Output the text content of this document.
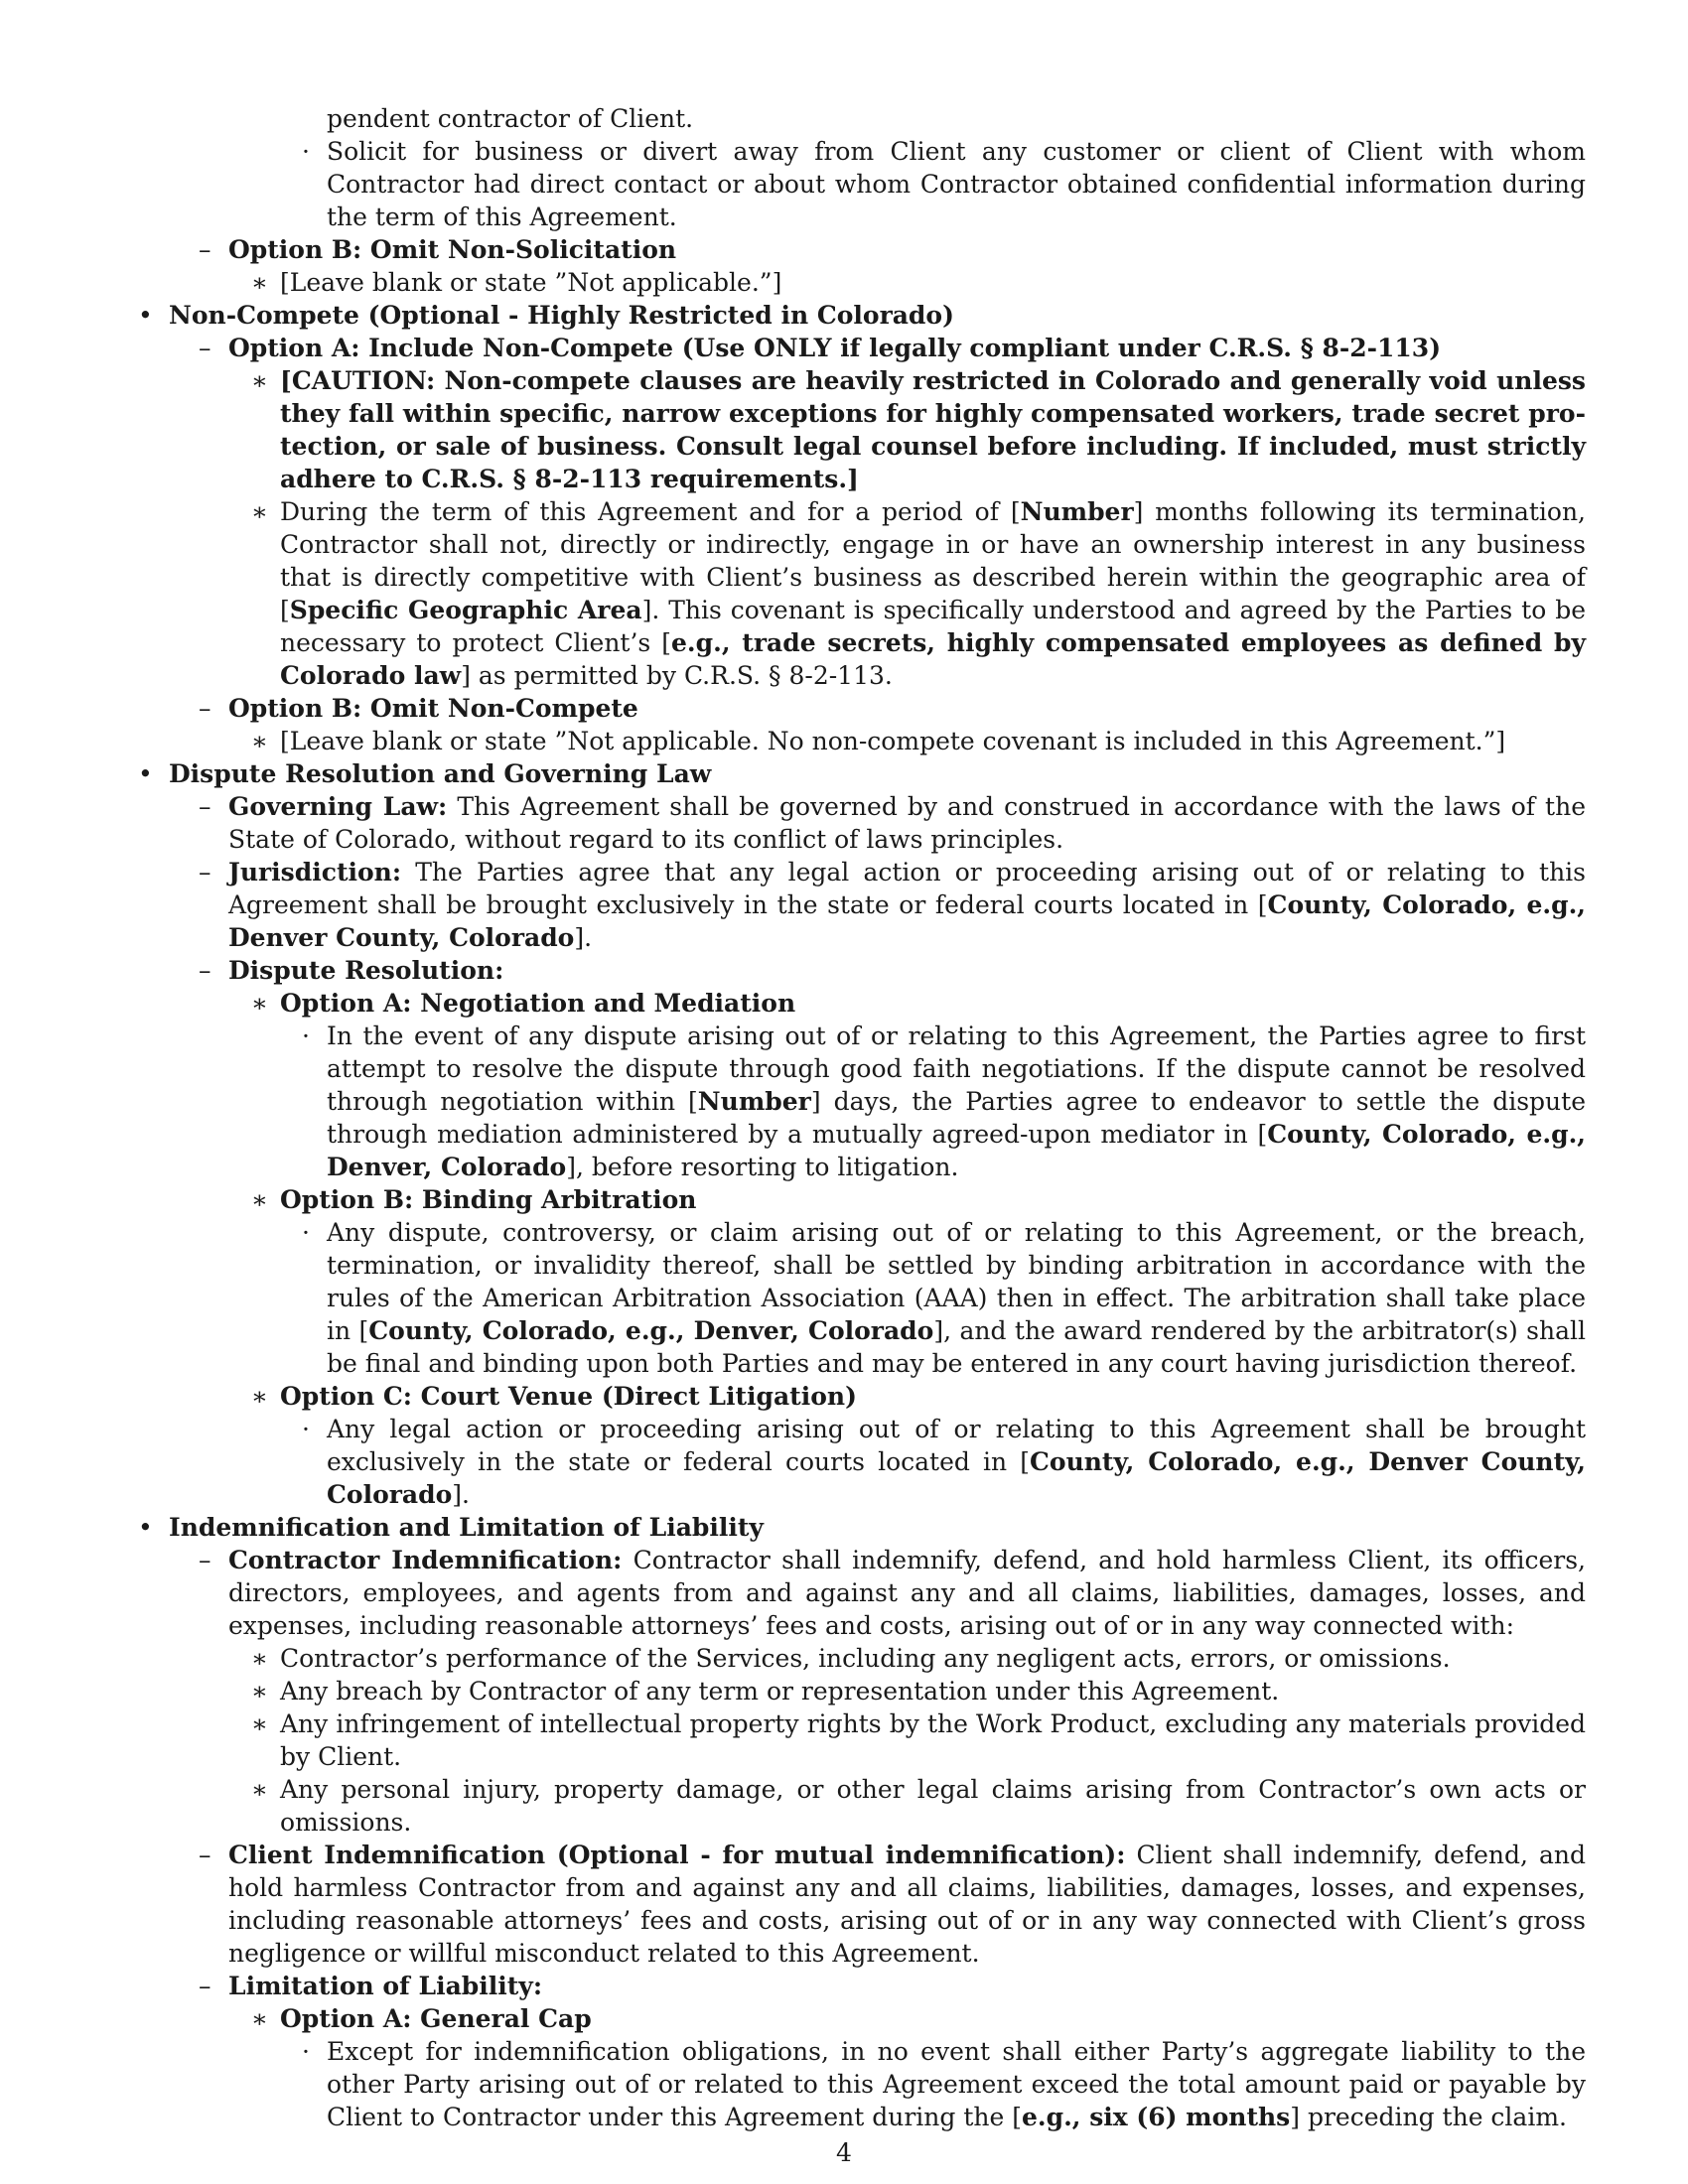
pendent contractor of Client.
· Solicit for business or divert away from Client any customer or client of Client with whom Contractor had direct contact or about whom Contractor obtained confidential information during the term of this Agreement.
– Option B: Omit Non-Solicitation
∗ [Leave blank or state ”Not applicable.”]
• Non-Compete (Optional - Highly Restricted in Colorado)
– Option A: Include Non-Compete (Use ONLY if legally compliant under C.R.S. § 8-2-113)
∗ [CAUTION: Non-compete clauses are heavily restricted in Colorado and generally void unless they fall within specific, narrow exceptions for highly compensated workers, trade secret protection, or sale of business. Consult legal counsel before including. If included, must strictly adhere to C.R.S. § 8-2-113 requirements.]
∗ During the term of this Agreement and for a period of [Number] months following its termination, Contractor shall not, directly or indirectly, engage in or have an ownership interest in any business that is directly competitive with Client’s business as described herein within the geographic area of [Specific Geographic Area]. This covenant is specifically understood and agreed by the Parties to be necessary to protect Client’s [e.g., trade secrets, highly compensated employees as defined by Colorado law] as permitted by C.R.S. § 8-2-113.
– Option B: Omit Non-Compete
∗ [Leave blank or state ”Not applicable. No non-compete covenant is included in this Agreement.”]
• Dispute Resolution and Governing Law
– Governing Law: This Agreement shall be governed by and construed in accordance with the laws of the State of Colorado, without regard to its conflict of laws principles.
– Jurisdiction: The Parties agree that any legal action or proceeding arising out of or relating to this Agreement shall be brought exclusively in the state or federal courts located in [County, Colorado, e.g., Denver County, Colorado].
– Dispute Resolution:
∗ Option A: Negotiation and Mediation
· In the event of any dispute arising out of or relating to this Agreement, the Parties agree to first attempt to resolve the dispute through good faith negotiations. If the dispute cannot be resolved through negotiation within [Number] days, the Parties agree to endeavor to settle the dispute through mediation administered by a mutually agreed-upon mediator in [County, Colorado, e.g., Denver, Colorado], before resorting to litigation.
∗ Option B: Binding Arbitration
· Any dispute, controversy, or claim arising out of or relating to this Agreement, or the breach, termination, or invalidity thereof, shall be settled by binding arbitration in accordance with the rules of the American Arbitration Association (AAA) then in effect. The arbitration shall take place in [County, Colorado, e.g., Denver, Colorado], and the award rendered by the arbitrator(s) shall be final and binding upon both Parties and may be entered in any court having jurisdiction thereof.
∗ Option C: Court Venue (Direct Litigation)
· Any legal action or proceeding arising out of or relating to this Agreement shall be brought exclusively in the state or federal courts located in [County, Colorado, e.g., Denver County, Colorado].
• Indemnification and Limitation of Liability
– Contractor Indemnification: Contractor shall indemnify, defend, and hold harmless Client, its officers, directors, employees, and agents from and against any and all claims, liabilities, damages, losses, and expenses, including reasonable attorneys’ fees and costs, arising out of or in any way connected with:
∗ Contractor’s performance of the Services, including any negligent acts, errors, or omissions.
∗ Any breach by Contractor of any term or representation under this Agreement.
∗ Any infringement of intellectual property rights by the Work Product, excluding any materials provided by Client.
∗ Any personal injury, property damage, or other legal claims arising from Contractor’s own acts or omissions.
– Client Indemnification (Optional - for mutual indemnification): Client shall indemnify, defend, and hold harmless Contractor from and against any and all claims, liabilities, damages, losses, and expenses, including reasonable attorneys’ fees and costs, arising out of or in any way connected with Client’s gross negligence or willful misconduct related to this Agreement.
– Limitation of Liability:
∗ Option A: General Cap
· Except for indemnification obligations, in no event shall either Party’s aggregate liability to the other Party arising out of or related to this Agreement exceed the total amount paid or payable by Client to Contractor under this Agreement during the [e.g., six (6) months] preceding the claim.
4
